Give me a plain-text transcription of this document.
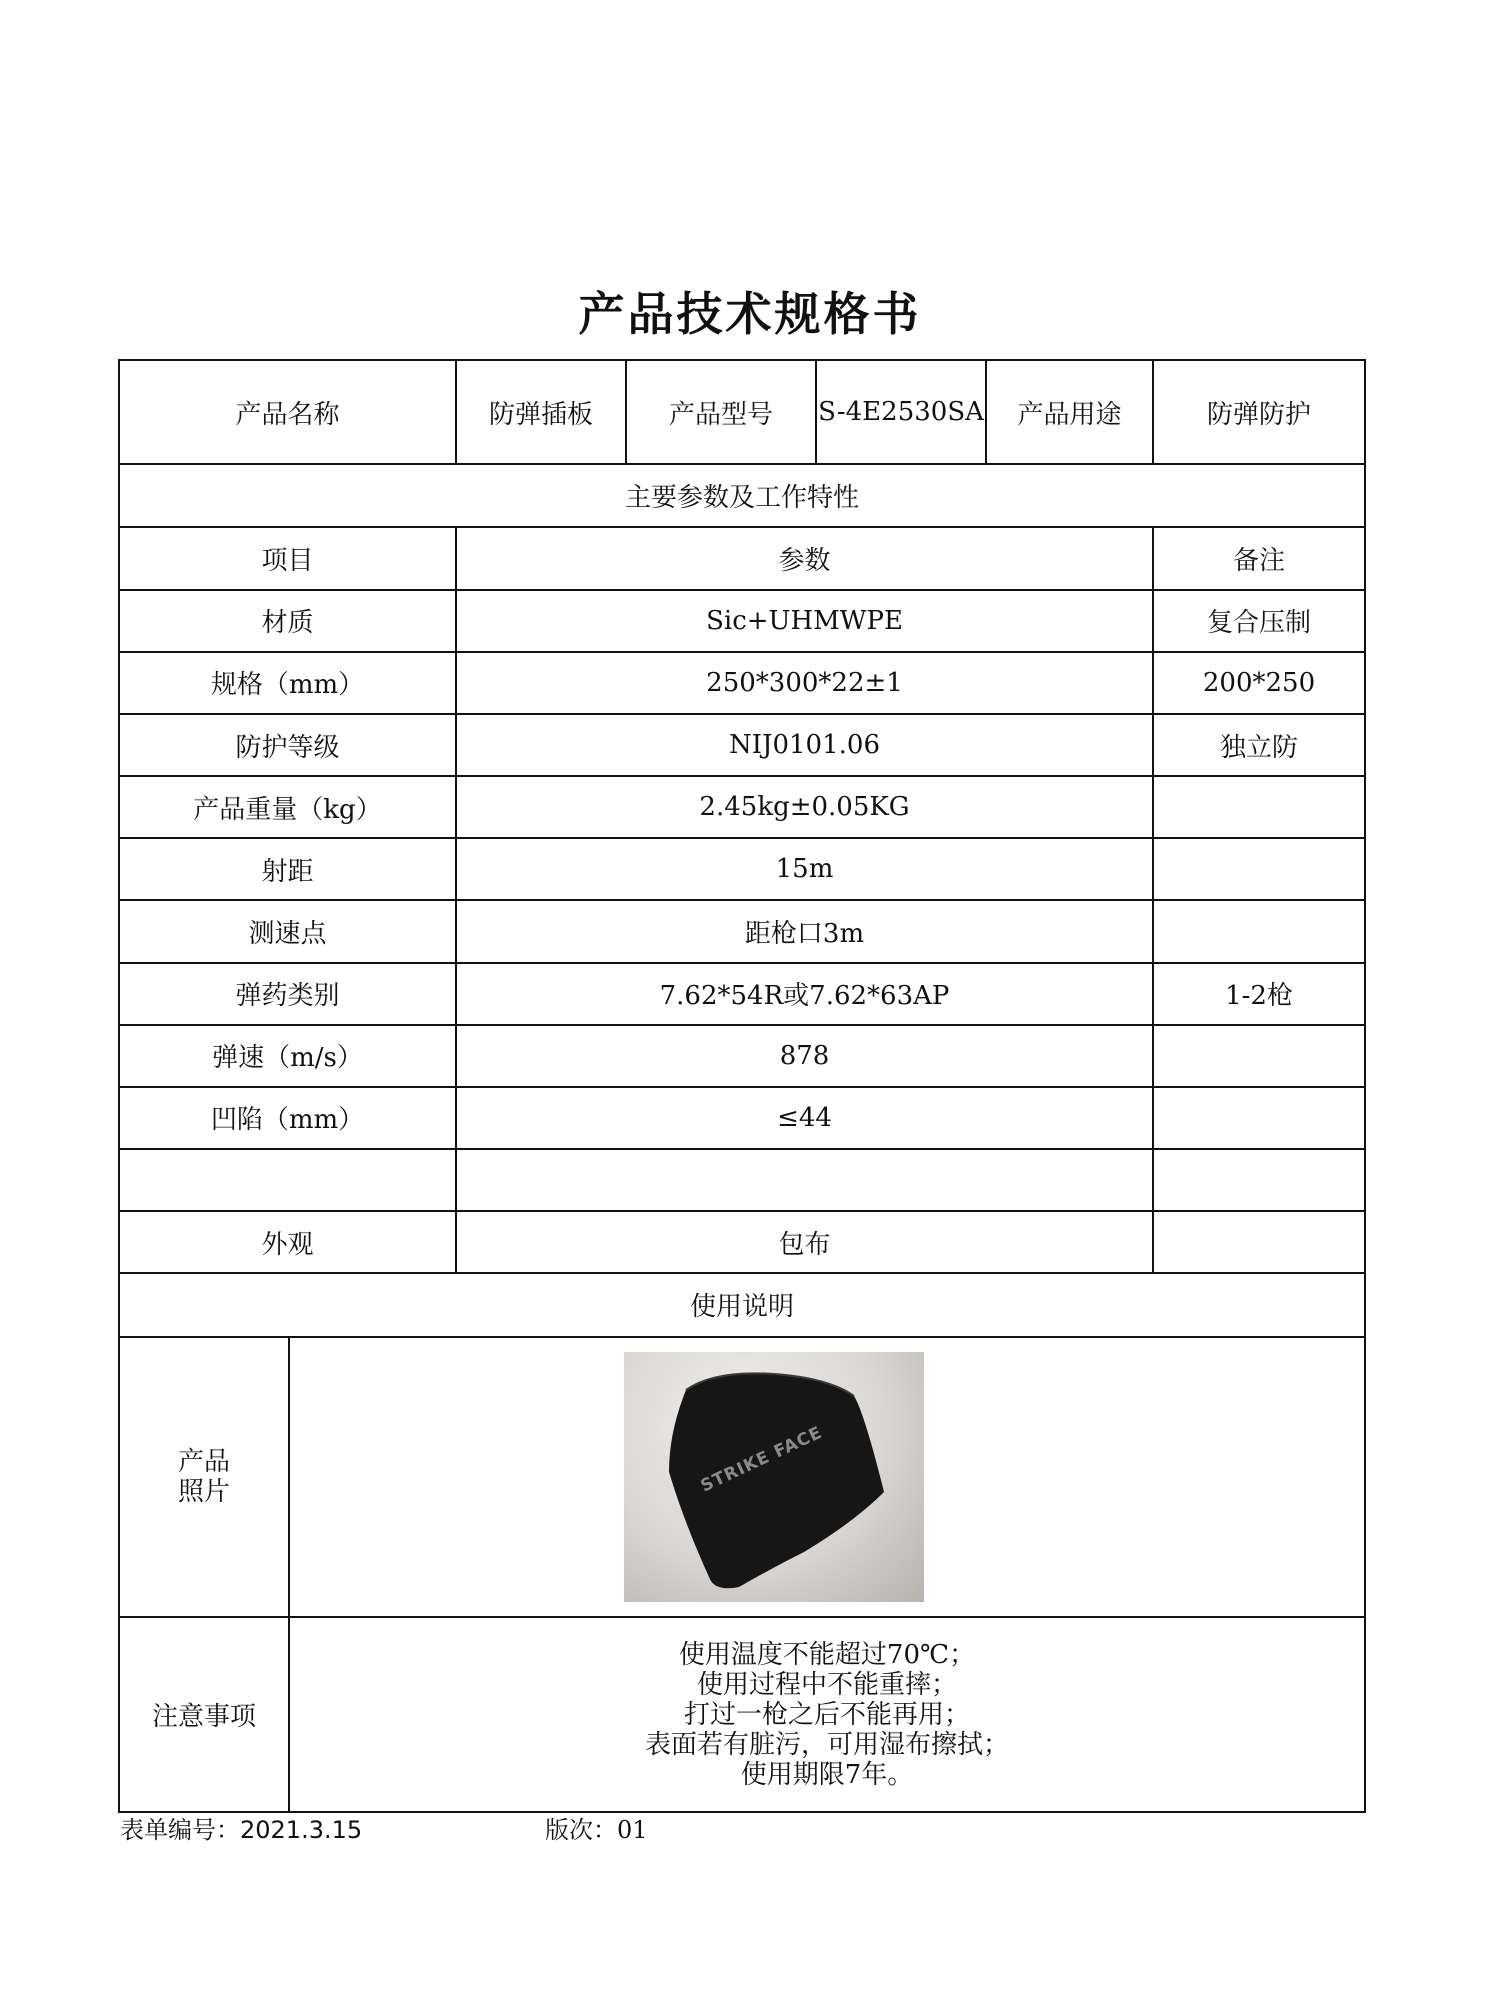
产品技术规格书
产品名称		防弹插板	产品型号	S-4E2530SA	产品用途	防弹防护
主要参数及工作特性						
项目		参数				备注
材质		Sic+UHMWPE				复合压制
规格（mm）		250*300*22±1				200*250
防护等级		NIJ0101.06				独立防
产品重量（kg）		2.45kg±0.05KG				
射距		15m				
测速点		距枪口3m				
弹药类别		7.62*54R或7.62*63AP				1-2枪
弹速（m/s）		878				
凹陷（mm）		≤44				

外观		包布				
使用说明						
产品
照片	STRIKE FACE					

注意事项	使用温度不能超过70℃；
使用过程中不能重摔；
打过一枪之后不能再用；
表面若有脏污，可用湿布擦拭；
使用期限7年。					
表单编号：2021.3.15	版次：01
